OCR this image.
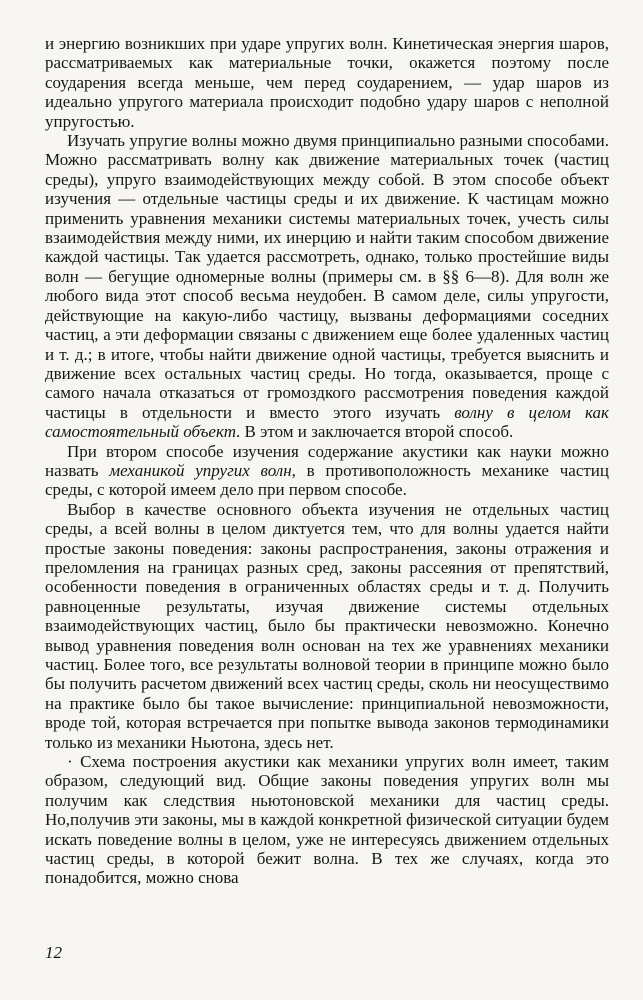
и энергию возникших при ударе упругих волн. Кинетическая энергия шаров, рассматриваемых как материальные точки, окажется поэтому после соударения всегда меньше, чем перед соударением, — удар шаров из идеально упругого материала происходит подобно удару шаров с неполной упругостью.

Изучать упругие волны можно двумя принципиально разными способами. Можно рассматривать волну как движение материальных точек (частиц среды), упруго взаимодействующих между собой. В этом способе объект изучения — отдельные частицы среды и их движение. К частицам можно применить уравнения механики системы материальных точек, учесть силы взаимодействия между ними, их инерцию и найти таким способом движение каждой частицы. Так удается рассмотреть, однако, только простейшие виды волн — бегущие одномерные волны (примеры см. в §§ 6—8). Для волн же любого вида этот способ весьма неудобен. В самом деле, силы упругости, действующие на какую-либо частицу, вызваны деформациями соседних частиц, а эти деформации связаны с движением еще более удаленных частиц и т. д.; в итоге, чтобы найти движение одной частицы, требуется выяснить и движение всех остальных частиц среды. Но тогда, оказывается, проще с самого начала отказаться от громоздкого рассмотрения поведения каждой частицы в отдельности и вместо этого изучать волну в целом как самостоятельный объект. В этом и заключается второй способ.

При втором способе изучения содержание акустики как науки можно назвать механикой упругих волн, в противоположность механике частиц среды, с которой имеем дело при первом способе.

Выбор в качестве основного объекта изучения не отдельных частиц среды, а всей волны в целом диктуется тем, что для волны удается найти простые законы поведения: законы распространения, законы отражения и преломления на границах разных сред, законы рассеяния от препятствий, особенности поведения в ограниченных областях среды и т. д. Получить равноценные результаты, изучая движение системы отдельных взаимодействующих частиц, было бы практически невозможно. Конечно вывод уравнения поведения волн основан на тех же уравнениях механики частиц. Более того, все результаты волновой теории в принципе можно было бы получить расчетом движений всех частиц среды, сколь ни неосуществимо на практике было бы такое вычисление: принципиальной невозможности, вроде той, которая встречается при попытке вывода законов термодинамики только из механики Ньютона, здесь нет.

· Схема построения акустики как механики упругих волн имеет, таким образом, следующий вид. Общие законы поведения упругих волн мы получим как следствия ньютоновской механики для частиц среды. Но,получив эти законы, мы в каждой конкретной физической ситуации будем искать поведение волны в целом, уже не интересуясь движением отдельных частиц среды, в которой бежит волна. В тех же случаях, когда это понадобится, можно снова

12
